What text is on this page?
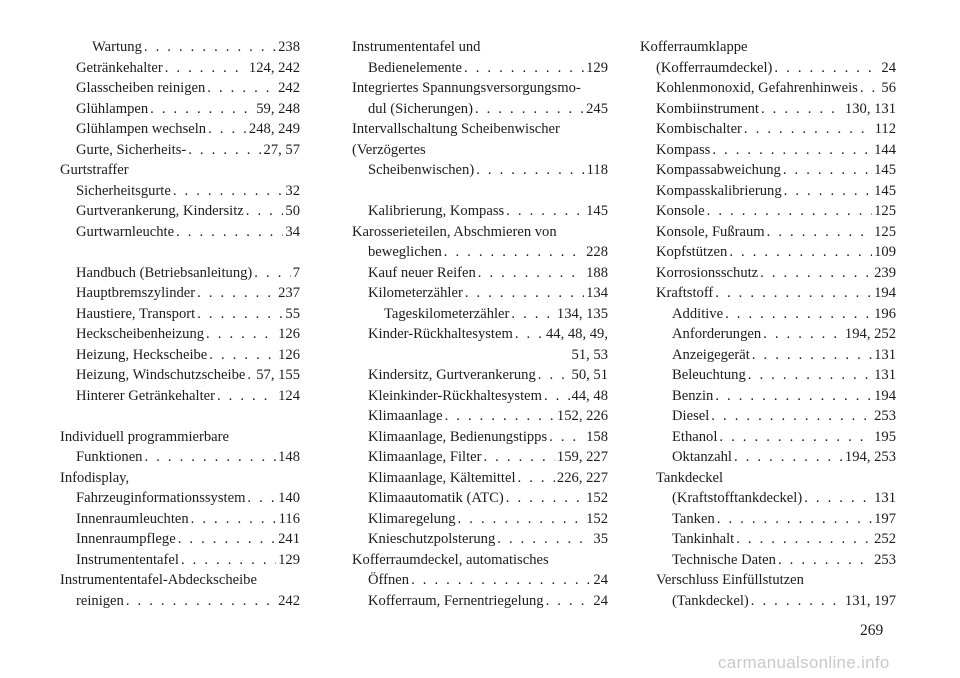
Wartung . . .	238
Getränkehalter . . .	124, 242
Glasscheiben reinigen . . .	242
Glühlampen . . .	59, 248
Glühlampen wechseln . . .	248, 249
Gurte, Sicherheits- . . .	27, 57
Gurtstraffer
Sicherheitsgurte . . .	32
Gurtverankerung, Kindersitz . . .	50
Gurtwarnleuchte . . .	34
Handbuch (Betriebsanleitung) . . .	7
Hauptbremszylinder . . .	237
Haustiere, Transport . . .	55
Heckscheibenheizung . . .	126
Heizung, Heckscheibe . . .	126
Heizung, Windschutzscheibe . . . 57, 155
Hinterer Getränkehalter . . .	124
Individuell programmierbare
Funktionen . . .	148
Infodisplay,
Fahrzeuginformationssystem . . . 140
Innenraumleuchten . . .	116
Innenraumpflege . . .	241
Instrumententafel . . .	129
Instrumententafel-Abdeckscheibe
reinigen . . .	242
Instrumententafel und
Bedienelemente . . .	129
Integriertes Spannungsversorgungsmo-
dul (Sicherungen) . . .	245
Intervallschaltung Scheibenwischer
(Verzögertes
Scheibenwischen) . . .	118
Kalibrierung, Kompass . . .	145
Karosserieteilen, Abschmieren von
beweglichen . . .	228
Kauf neuer Reifen . . .	188
Kilometerzähler . . .	134
Tageskilometerzähler . . .	134, 135
Kinder-Rückhaltesystem . . . 44, 48, 49,
51, 53
Kindersitz, Gurtverankerung . . . 50, 51
Kleinkinder-Rückhaltesystem . . . 44, 48
Klimaanlage . . .	152, 226
Klimaanlage, Bedienungstipps . . .	158
Klimaanlage, Filter . . .	159, 227
Klimaanlage, Kältemittel . . .	226, 227
Klimaautomatik (ATC) . . .	152
Klimaregelung . . .	152
Knieschutzpolsterung . . .	35
Kofferraumdeckel, automatisches
Öffnen . . .	24
Kofferraum, Fernentriegelung . . .	24
Kofferraumklappe
(Kofferraumdeckel) . . .	24
Kohlenmonoxid, Gefahrenhinweis . . . 56
Kombiinstrument . . .	130, 131
Kombischalter . . .	112
Kompass . . .	144
Kompassabweichung . . .	145
Kompasskalibrierung . . .	145
Konsole . . .	125
Konsole, Fußraum . . .	125
Kopfstützen . . .	109
Korrosionsschutz . . .	239
Kraftstoff . . .	194
Additive . . .	196
Anforderungen . . .	194, 252
Anzeigegerät . . .	131
Beleuchtung . . .	131
Benzin . . .	194
Diesel . . .	253
Ethanol . . .	195
Oktanzahl . . .	194, 253
Tankdeckel
(Kraftstofftankdeckel) . . .	131
Tanken . . .	197
Tankinhalt . . .	252
Technische Daten . . .	253
Verschluss Einfüllstutzen
(Tankdeckel) . . .	131, 197
269
carmanualsonline.info
